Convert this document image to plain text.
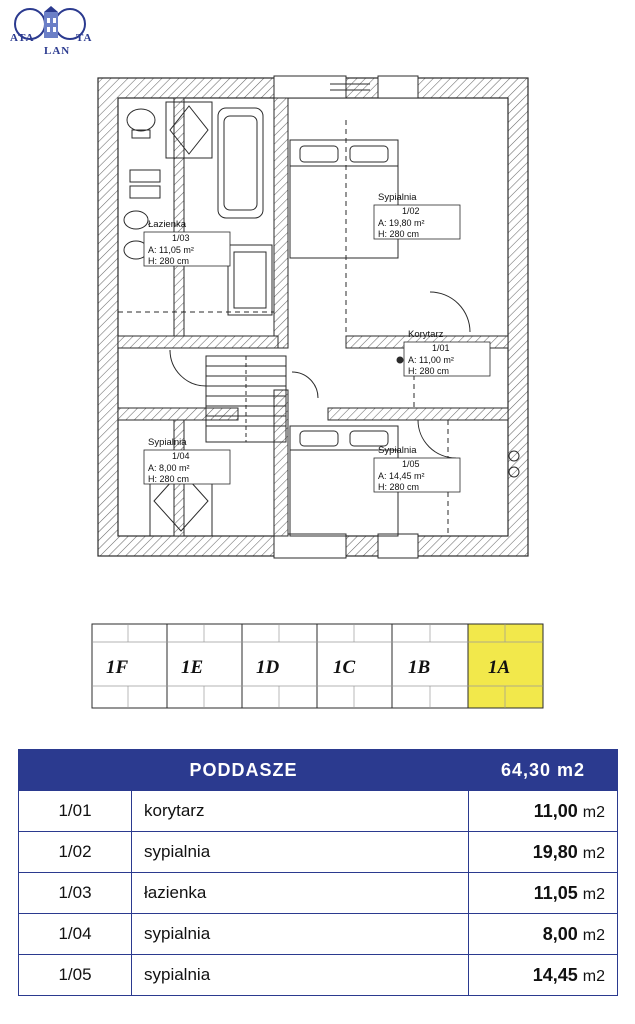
ATA	TA
LAN
Sypialnia
1/02
A: 19,80 m²
H: 280 cm
Łazienka
1/03
A: 11,05 m²
H: 280 cm
Korytarz
1/01
A: 11,00 m²
H: 280 cm
Sypialnia
1/04
A: 8,00 m²
H: 280 cm
Sypialnia
1/05
A: 14,45 m²
H: 280 cm
1F	1E	1D	1C	1B	1A
PODDASZE		64,30 m2
1/01	korytarz	11,00 m2
1/02	sypialnia	19,80 m2
1/03	łazienka	11,05 m2
1/04	sypialnia	8,00 m2
1/05	sypialnia	14,45 m2
